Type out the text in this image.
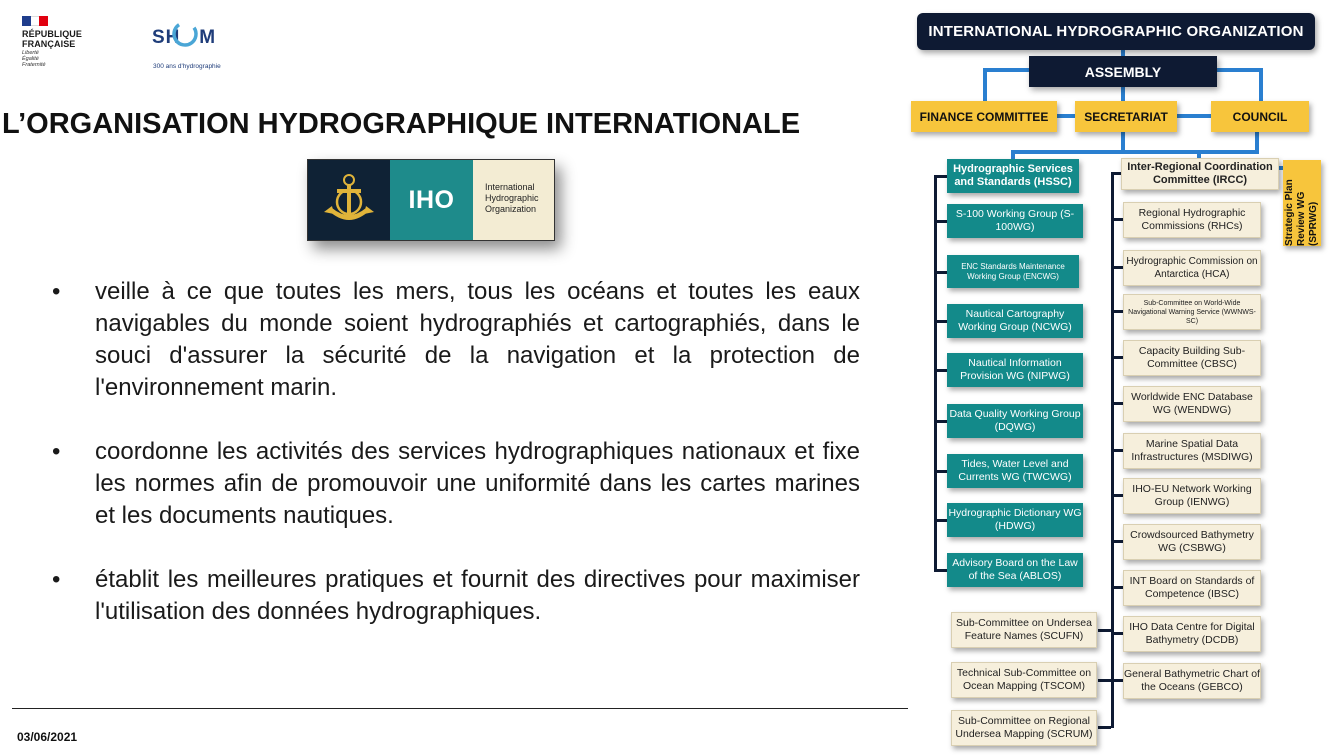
RÉPUBLIQUE
FRANÇAISE
Liberté
Égalité
Fraternité
SH   M
300 ans d'hydrographie
L’ORGANISATION HYDROGRAPHIQUE INTERNATIONALE
IHO	International
Hydrographic
Organization
•	veille à ce que toutes les mers, tous les océans et toutes les eaux navigables du monde soient hydrographiés et cartographiés, dans le souci d'assurer la sécurité de la navigation et la protection de l'environnement marin.
•	coordonne les activités des services hydrographiques nationaux et fixe les normes afin de promouvoir une uniformité dans les cartes marines et les documents nautiques.
•	établit les meilleures pratiques et fournit des directives pour maximiser l'utilisation des données hydrographiques.
03/06/2021
INTERNATIONAL HYDROGRAPHIC ORGANIZATION
ASSEMBLY
FINANCE COMMITTEE	SECRETARIAT	COUNCIL
Hydrographic Services and Standards (HSSC)
Inter-Regional Coordination Committee (IRCC)	Strategic Plan Review WG (SPRWG)
S-100 Working Group (S-100WG)
ENC Standards Maintenance Working Group (ENCWG)
Nautical Cartography Working Group (NCWG)
Nautical Information Provision WG (NIPWG)
Data Quality Working Group (DQWG)
Tides, Water Level and Currents WG (TWCWG)
Hydrographic Dictionary WG (HDWG)
Advisory Board on the Law of the Sea (ABLOS)
Sub-Committee on Undersea Feature Names (SCUFN)
Technical Sub-Committee on Ocean Mapping (TSCOM)
Sub-Committee on Regional Undersea Mapping (SCRUM)
Regional Hydrographic Commissions (RHCs)
Hydrographic Commission on Antarctica (HCA)
Sub-Committee on World-Wide Navigational Warning Service (WWNWS-SC)
Capacity Building Sub-Committee (CBSC)
Worldwide ENC Database WG (WENDWG)
Marine Spatial Data Infrastructures (MSDIWG)
IHO-EU Network Working Group (IENWG)
Crowdsourced Bathymetry WG (CSBWG)
INT Board on Standards of Competence (IBSC)
IHO Data Centre for Digital Bathymetry (DCDB)
General Bathymetric Chart of the Oceans (GEBCO)
